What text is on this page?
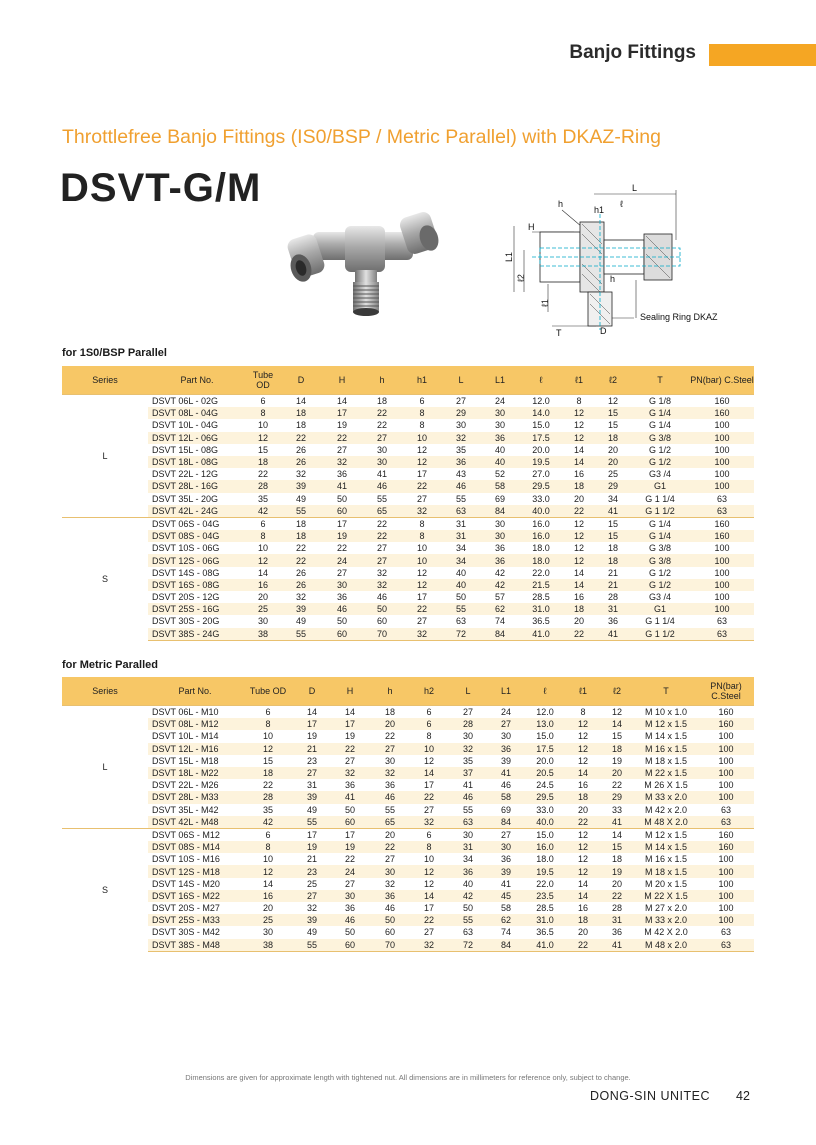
Banjo Fittings
Throttlefree Banjo Fittings (IS0/BSP / Metric Parallel) with DKAZ-Ring
DSVT-G/M	L
h
h1
ℓ
H
L1
ℓ2	h
ℓ1
T	D
Sealing Ring DKAZ
for 1S0/BSP Parallel
Series	Part No.	Tube OD	D	H	h	h1	L	L1	ℓ	ℓ1	ℓ2	T	PN(bar) C.Steel
L	DSVT 06L - 02G	6	14	14	18	6	27	24	12.0	8	12	G 1/8	160
	DSVT 08L - 04G	8	18	17	22	8	29	30	14.0	12	15	G 1/4	160
	DSVT 10L - 04G	10	18	19	22	8	30	30	15.0	12	15	G 1/4	100
	DSVT 12L - 06G	12	22	22	27	10	32	36	17.5	12	18	G 3/8	100
	DSVT 15L - 08G	15	26	27	30	12	35	40	20.0	14	20	G 1/2	100
	DSVT 18L - 08G	18	26	32	30	12	36	40	19.5	14	20	G 1/2	100
	DSVT 22L - 12G	22	32	36	41	17	43	52	27.0	16	25	G3 /4	100
	DSVT 28L - 16G	28	39	41	46	22	46	58	29.5	18	29	G1	100
	DSVT 35L - 20G	35	49	50	55	27	55	69	33.0	20	34	G 1 1/4	63
	DSVT 42L - 24G	42	55	60	65	32	63	84	40.0	22	41	G 1 1/2	63
S	DSVT 06S - 04G	6	18	17	22	8	31	30	16.0	12	15	G 1/4	160
	DSVT 08S - 04G	8	18	19	22	8	31	30	16.0	12	15	G 1/4	160
	DSVT 10S - 06G	10	22	22	27	10	34	36	18.0	12	18	G 3/8	100
	DSVT 12S - 06G	12	22	24	27	10	34	36	18.0	12	18	G 3/8	100
	DSVT 14S - 08G	14	26	27	32	12	40	42	22.0	14	21	G 1/2	100
	DSVT 16S - 08G	16	26	30	32	12	40	42	21.5	14	21	G 1/2	100
	DSVT 20S - 12G	20	32	36	46	17	50	57	28.5	16	28	G3 /4	100
	DSVT 25S - 16G	25	39	46	50	22	55	62	31.0	18	31	G1	100
	DSVT 30S - 20G	30	49	50	60	27	63	74	36.5	20	36	G 1 1/4	63
	DSVT 38S - 24G	38	55	60	70	32	72	84	41.0	22	41	G 1 1/2	63
for Metric Paralled
Series	Part No.	Tube OD	D	H	h	h2	L	L1	ℓ	ℓ1	ℓ2	T	PN(bar) C.Steel
L	DSVT 06L - M10	6	14	14	18	6	27	24	12.0	8	12	M 10 x 1.0	160
	DSVT 08L - M12	8	17	17	20	6	28	27	13.0	12	14	M 12 x 1.5	160
	DSVT 10L - M14	10	19	19	22	8	30	30	15.0	12	15	M 14 x 1.5	100
	DSVT 12L - M16	12	21	22	27	10	32	36	17.5	12	18	M 16 x 1.5	100
	DSVT 15L - M18	15	23	27	30	12	35	39	20.0	12	19	M 18 x 1.5	100
	DSVT 18L - M22	18	27	32	32	14	37	41	20.5	14	20	M 22 x 1.5	100
	DSVT 22L - M26	22	31	36	36	17	41	46	24.5	16	22	M 26 X 1.5	100
	DSVT 28L - M33	28	39	41	46	22	46	58	29.5	18	29	M 33 x 2.0	100
	DSVT 35L - M42	35	49	50	55	27	55	69	33.0	20	33	M 42 x 2.0	63
	DSVT 42L - M48	42	55	60	65	32	63	84	40.0	22	41	M 48 X 2.0	63
S	DSVT 06S - M12	6	17	17	20	6	30	27	15.0	12	14	M 12 x 1.5	160
	DSVT 08S - M14	8	19	19	22	8	31	30	16.0	12	15	M 14 x 1.5	160
	DSVT 10S - M16	10	21	22	27	10	34	36	18.0	12	18	M 16 x 1.5	100
	DSVT 12S - M18	12	23	24	30	12	36	39	19.5	12	19	M 18 x 1.5	100
	DSVT 14S - M20	14	25	27	32	12	40	41	22.0	14	20	M 20 x 1.5	100
	DSVT 16S - M22	16	27	30	36	14	42	45	23.5	14	22	M 22 X 1.5	100
	DSVT 20S - M27	20	32	36	46	17	50	58	28.5	16	28	M 27 x 2.0	100
	DSVT 25S - M33	25	39	46	50	22	55	62	31.0	18	31	M 33 x 2.0	100
	DSVT 30S - M42	30	49	50	60	27	63	74	36.5	20	36	M 42 X 2.0	63
	DSVT 38S - M48	38	55	60	70	32	72	84	41.0	22	41	M 48 x 2.0	63
Dimensions are given for approximate length with tightened nut. All dimensions are in millimeters for reference only, subject to change.
DONG-SIN UNITEC 42
